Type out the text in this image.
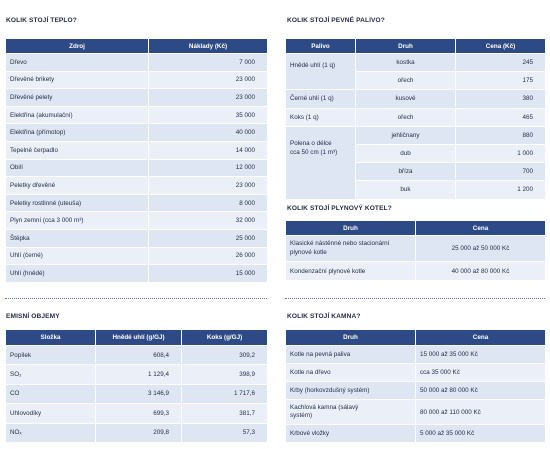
KOLIK STOJÍ TEPLO?
Zdroj	Náklady (Kč)
Dřevo	7 000
Dřevěné brikety	23 000
Dřevěné pelety	23 000
Elektřina (akumulační)	35 000
Elektřina (přímotop)	40 000
Tepelné čerpadlo	14 000
Obilí	12 000
Peletky dřevěné	23 000
Peletky rostlinné (uteuša)	8 000
Plyn zemní (cca 3 000 m³)	32 000
Štěpka	25 000
Uhlí (černé)	26 000
Uhlí (hnědé)	15 000
KOLIK STOJÍ PEVNÉ PALIVO?
Palivo	Druh	Cena (Kč)
Hnědé uhlí (1 q)	kostka	245
	ořech	175
Černé uhlí (1 q)	kusové	380
Koks (1 q)	ořech	465
Polena o délce cca 50 cm (1 m³)	jehličnany	880
	dub	1 000
	bříza	700
	buk	1 200
KOLIK STOJÍ PLYNOVÝ KOTEL?
Druh	Cena
Klasické nástěnné nebo stacionární plynové kotle	25 000 až 50 000 Kč
Kondenzační plynové kotle	40 000 až 80 000 Kč
EMISNÍ OBJEMY
Složka	Hnědé uhlí (g/GJ)	Koks (g/GJ)
Popílek	608,4	309,2
SO₂	1 129,4	398,9
CO	3 146,9	1 717,6
Uhlovodíky	699,3	381,7
NOₓ	209,8	57,3
KOLIK STOJÍ KAMNA?
Druh	Cena
Kotle na pevná paliva	15 000 až 35 000 Kč
Kotle na dřevo	cca 35 000 Kč
Krby (horkovzdušný systém)	50 000 až 80 000 Kč
Kachlová kamna (sálavý systém)	80 000 až 110 000 Kč
Krbové vložky	5 000 až 35 000 Kč
